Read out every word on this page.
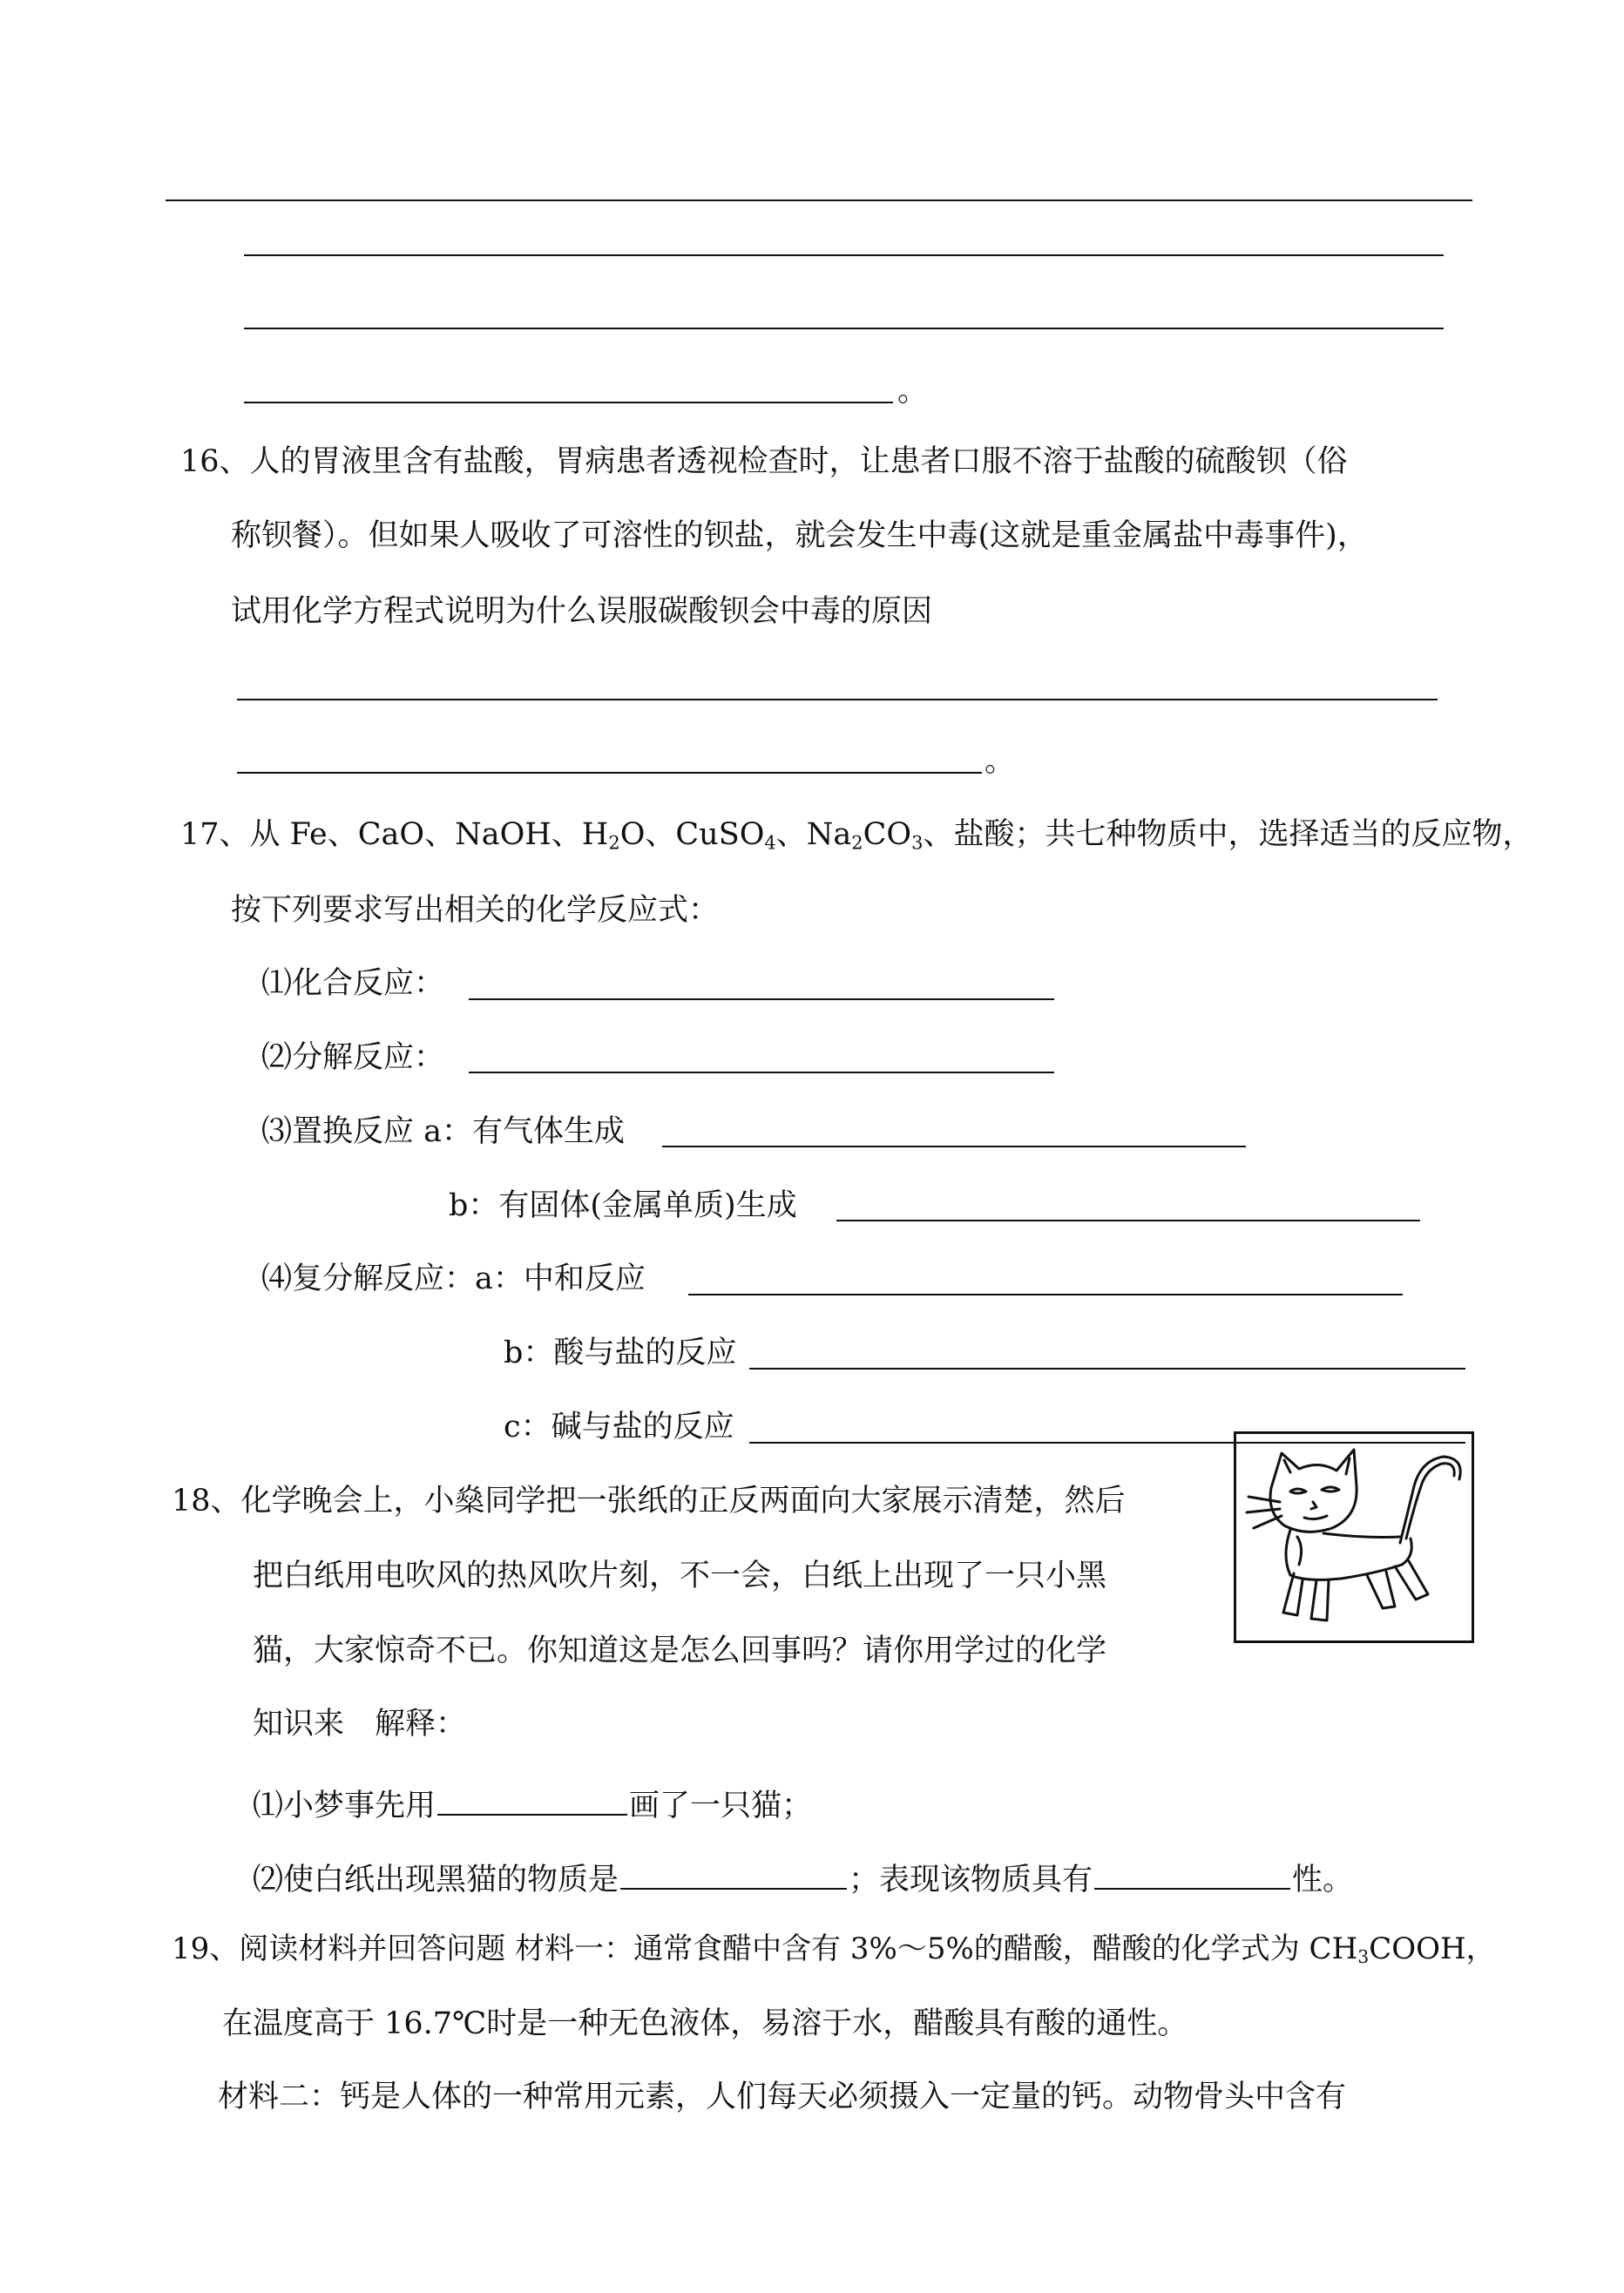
。
16、人的胃液里含有盐酸，胃病患者透视检查时，让患者口服不溶于盐酸的硫酸钡（俗
称钡餐）。但如果人吸收了可溶性的钡盐，就会发生中毒(这就是重金属盐中毒事件)，
试用化学方程式说明为什么误服碳酸钡会中毒的原因
。
17、从 Fe、CaO、NaOH、$H_2O$、CuSO$_4$、$Na_2CO_3$、盐酸；共七种物质中，选择适当的反应物，
按下列要求写出相关的化学反应式：
⑴化合反应：
⑵分解反应：
⑶置换反应 a：有气体生成
b：有固体(金属单质)生成
⑷复分解反应：a：中和反应
b：酸与盐的反应
c：碱与盐的反应
18、化学晚会上，小燊同学把一张纸的正反两面向大家展示清楚，然后
把白纸用电吹风的热风吹片刻，不一会，白纸上出现了一只小黑
猫，大家惊奇不已。你知道这是怎么回事吗？请你用学过的化学
知识来　解释：
⑴小梦事先用	画了一只猫；
⑵使白纸出现黑猫的物质是	；表现该物质具有	性。
19、阅读材料并回答问题 材料一：通常食醋中含有 3%～5%的醋酸，醋酸的化学式为 $CH_3COOH$，
在温度高于 16.7℃时是一种无色液体，易溶于水，醋酸具有酸的通性。
材料二：钙是人体的一种常用元素，人们每天必须摄入一定量的钙。动物骨头中含有
